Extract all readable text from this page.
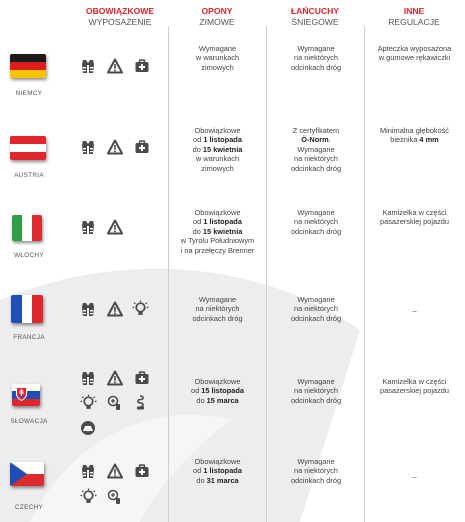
OBOWIĄZKOWE
WYPOSAŻENIE
OPONY
ZIMOWE
ŁAŃCUCHY
ŚNIEGOWE
INNE
REGULACJE
NIEMCY
Wymagane
w warunkach
zimowych
Wymagane
na niektórych
odcinkach dróg
Apteczka wyposażona
w gumowe rękawiczki
AUSTRIA
Obowiązkowe
od 1 listopada
do 15 kwietnia
w warunkach
zimowych
Z certyfikatem
Ö-Norm.
Wymagane
na niektórych
odcinkach dróg
Minimalna głębokość
bieżnika 4 mm
WŁOCHY
Obowiązkowe
od 1 listopada
do 15 kwietnia
w Tyrolu Południowym
i na przełęczy Brenner
Wymagane
na niektórych
odcinkach dróg
Kamizelka w części
pasażerskiej pojazdu
FRANCJA
Wymagane
na niektórych
odcinkach dróg
Wymagane
na niektórych
odcinkach dróg
–
SŁOWACJA
Obowiązkowe
od 15 listopada
do 15 marca
Wymagane
na niektórych
odcinkach dróg
Kamizelka w części
pasażerskiej pojazdu
CZECHY
Obowiązkowe
od 1 listopada
do 31 marca
Wymagane
na niektórych
odcinkach dróg	–
